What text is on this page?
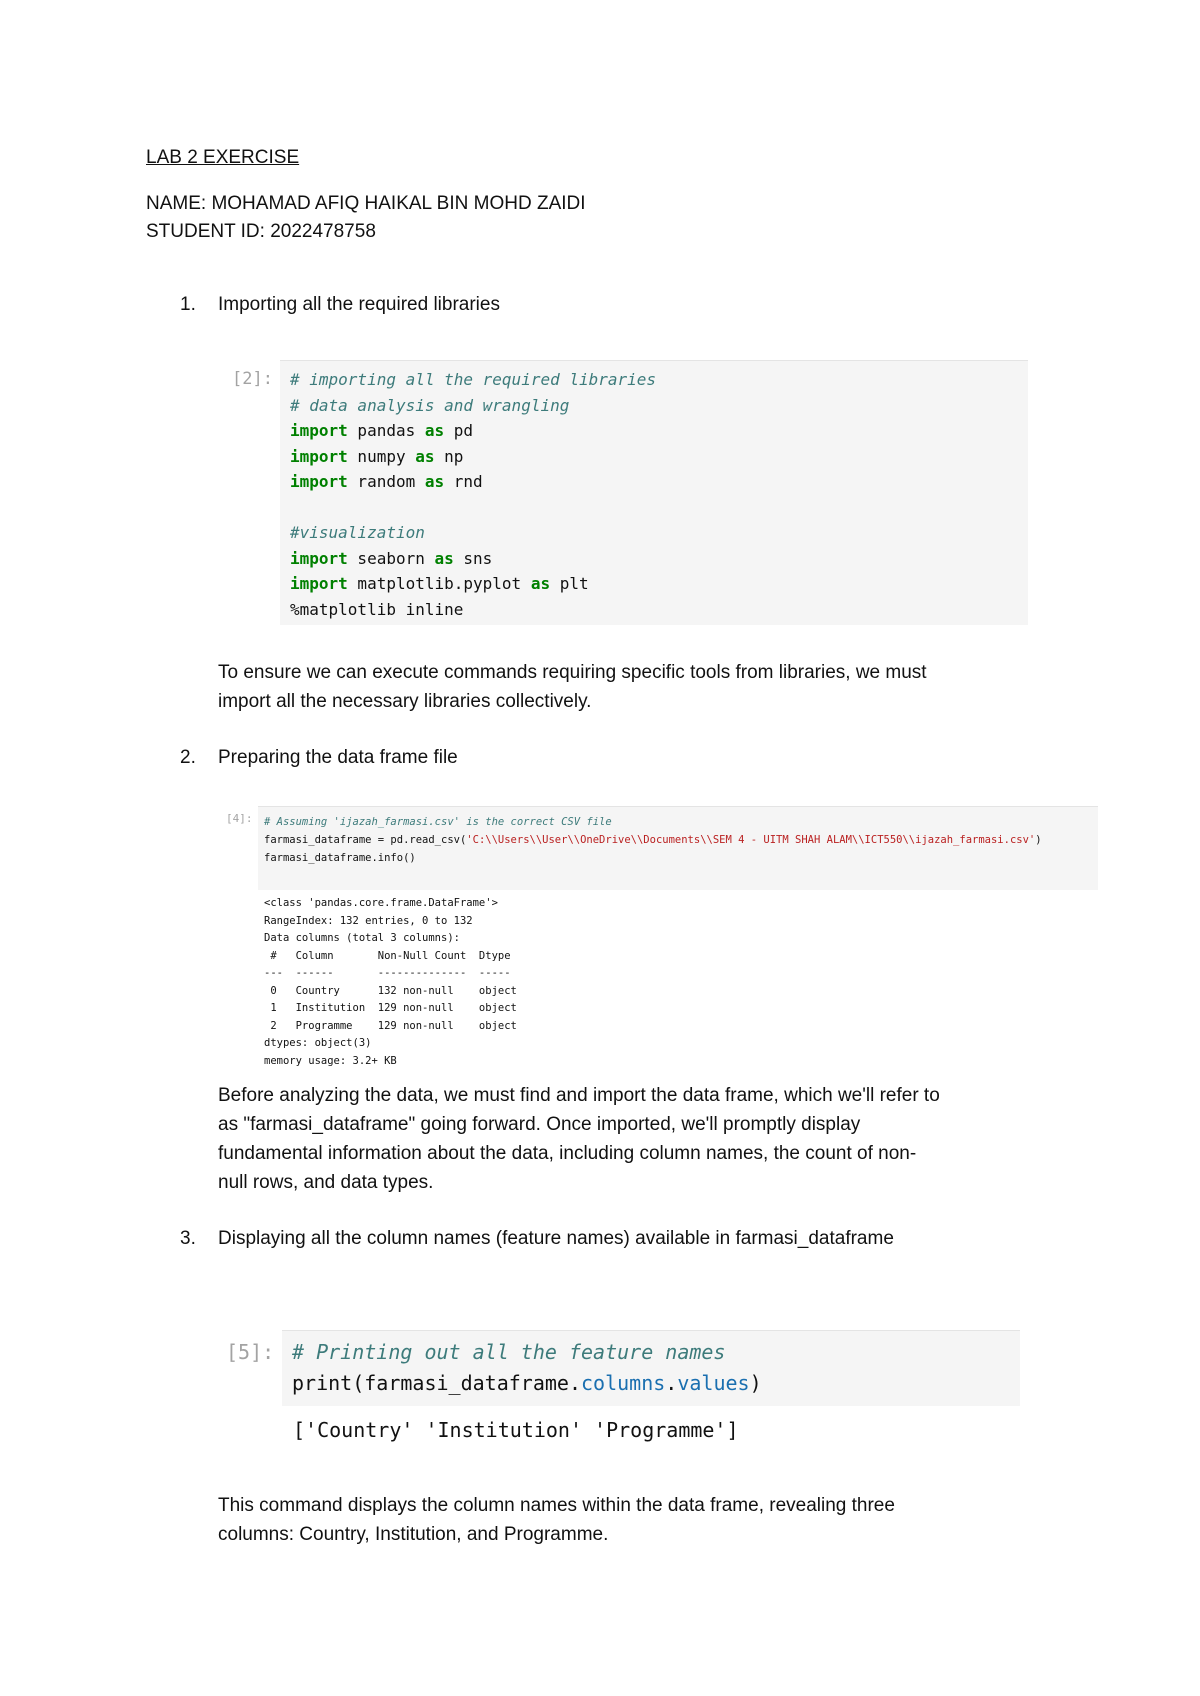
LAB 2 EXERCISE
NAME: MOHAMAD AFIQ HAIKAL BIN MOHD ZAIDI
STUDENT ID: 2022478758
1.	Importing all the required libraries
[2]: # importing all the required libraries
# data analysis and wrangling
import pandas as pd
import numpy as np
import random as rnd

#visualization
import seaborn as sns
import matplotlib.pyplot as plt
%matplotlib inline
To ensure we can execute commands requiring specific tools from libraries, we must
import all the necessary libraries collectively.
2.	Preparing the data frame file
[4]: # Assuming 'ijazah_farmasi.csv' is the correct CSV file
farmasi_dataframe = pd.read_csv('C:\\Users\\User\\OneDrive\\Documents\\SEM 4 - UITM SHAH ALAM\\ICT550\\ijazah_farmasi.csv')
farmasi_dataframe.info()
<class 'pandas.core.frame.DataFrame'>
RangeIndex: 132 entries, 0 to 132
Data columns (total 3 columns):
#   Column       Non-Null Count  Dtype
---  ------       --------------  -----
0   Country      132 non-null    object
1   Institution  129 non-null    object
2   Programme    129 non-null    object
dtypes: object(3)
memory usage: 3.2+ KB
Before analyzing the data, we must find and import the data frame, which we'll refer to
as "farmasi_dataframe" going forward. Once imported, we'll promptly display
fundamental information about the data, including column names, the count of non-
null rows, and data types.
3.	Displaying all the column names (feature names) available in farmasi_dataframe
[5]: # Printing out all the feature names
print(farmasi_dataframe.columns.values)
['Country' 'Institution' 'Programme']
This command displays the column names within the data frame, revealing three
columns: Country, Institution, and Programme.
